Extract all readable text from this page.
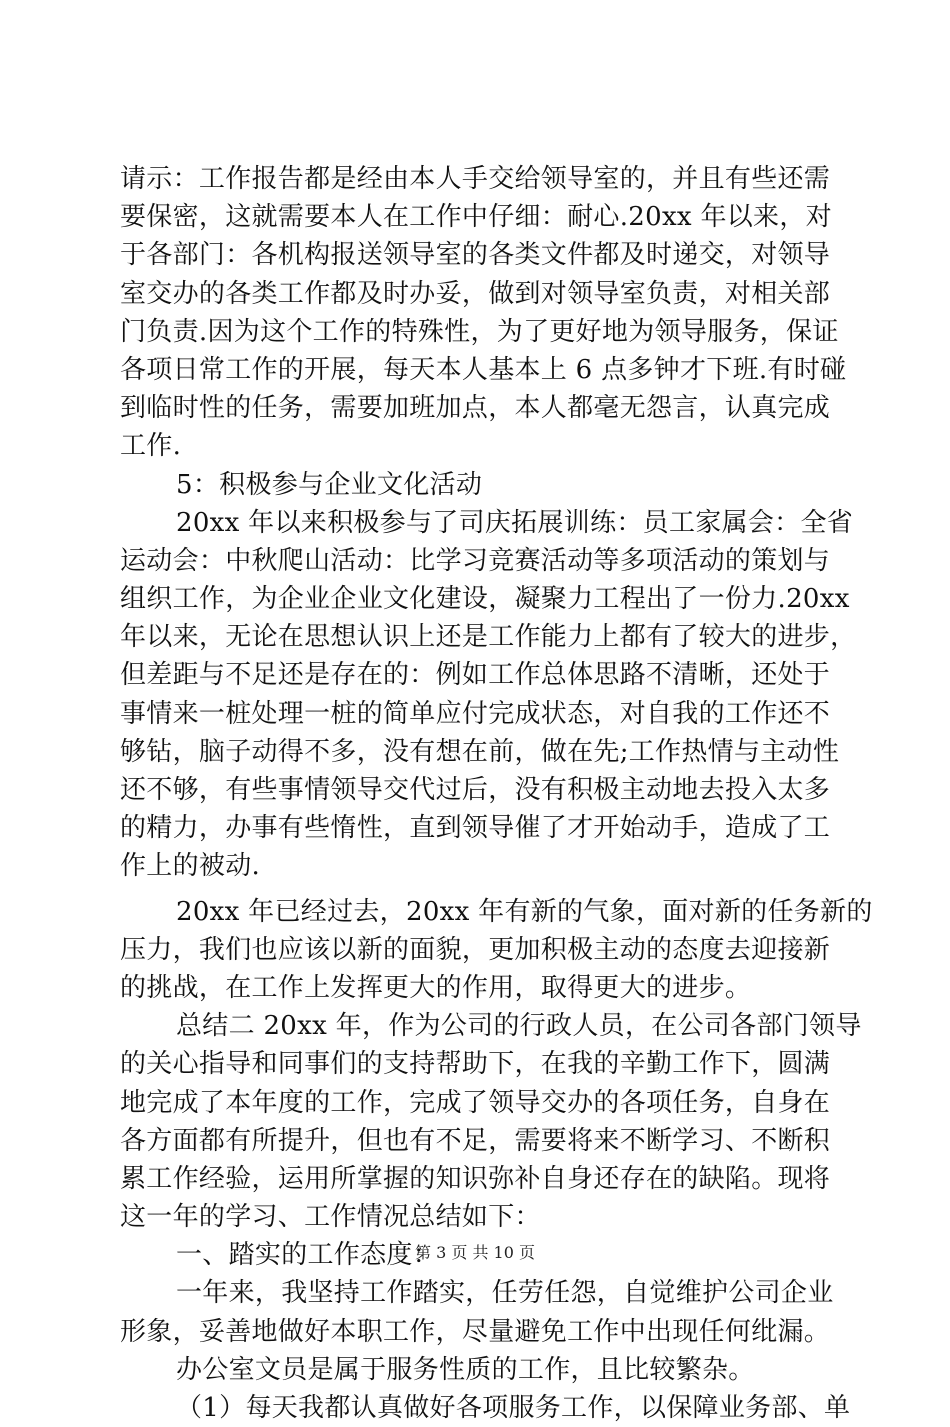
请示：工作报告都是经由本人手交给领导室的，并且有些还需
要保密，这就需要本人在工作中仔细：耐心.20xx 年以来，对
于各部门：各机构报送领导室的各类文件都及时递交，对领导
室交办的各类工作都及时办妥，做到对领导室负责，对相关部
门负责.因为这个工作的特殊性，为了更好地为领导服务，保证
各项日常工作的开展，每天本人基本上 6 点多钟才下班.有时碰
到临时性的任务，需要加班加点，本人都毫无怨言，认真完成
工作.
5：积极参与企业文化活动
20xx 年以来积极参与了司庆拓展训练：员工家属会：全省
运动会：中秋爬山活动：比学习竞赛活动等多项活动的策划与
组织工作，为企业企业文化建设，凝聚力工程出了一份力.20xx
年以来，无论在思想认识上还是工作能力上都有了较大的进步，
但差距与不足还是存在的：例如工作总体思路不清晰，还处于
事情来一桩处理一桩的简单应付完成状态，对自我的工作还不
够钻，脑子动得不多，没有想在前，做在先;工作热情与主动性
还不够，有些事情领导交代过后，没有积极主动地去投入太多
的精力，办事有些惰性，直到领导催了才开始动手，造成了工
作上的被动.
20xx 年已经过去，20xx 年有新的气象，面对新的任务新的
压力，我们也应该以新的面貌，更加积极主动的态度去迎接新
的挑战，在工作上发挥更大的作用，取得更大的进步。
总结二 20xx 年，作为公司的行政人员，在公司各部门领导
的关心指导和同事们的支持帮助下，在我的辛勤工作下，圆满
地完成了本年度的工作，完成了领导交办的各项任务，自身在
各方面都有所提升，但也有不足，需要将来不断学习、不断积
累工作经验，运用所掌握的知识弥补自身还存在的缺陷。现将
这一年的学习、工作情况总结如下：
一、踏实的工作态度：
一年来，我坚持工作踏实，任劳任怨，自觉维护公司企业
形象，妥善地做好本职工作，尽量避免工作中出现任何纰漏。
办公室文员是属于服务性质的工作，且比较繁杂。
（1）每天我都认真做好各项服务工作，以保障业务部、单
第 3 页 共 10 页
